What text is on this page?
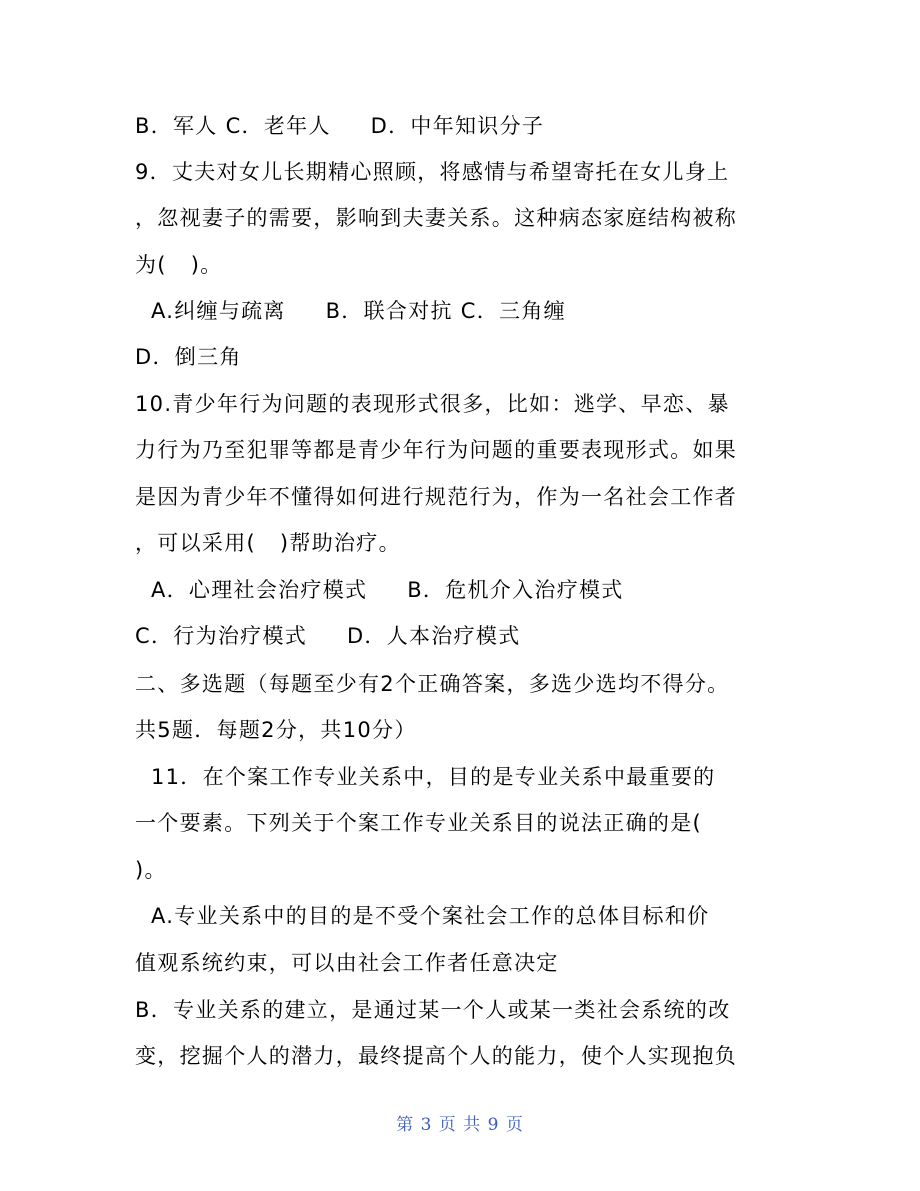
B．军人 C．老年人     D．中年知识分子
9．丈夫对女儿长期精心照顾，将感情与希望寄托在女儿身上
，忽视妻子的需要，影响到夫妻关系。这种病态家庭结构被称
为(   )。
A.纠缠与疏离     B．联合对抗 C．三角缠
D．倒三角
10.青少年行为问题的表现形式很多，比如：逃学、早恋、暴
力行为乃至犯罪等都是青少年行为问题的重要表现形式。如果
是因为青少年不懂得如何进行规范行为，作为一名社会工作者
，可以采用(   )帮助治疗。
A．心理社会治疗模式     B．危机介入治疗模式
C．行为治疗模式     D．人本治疗模式
二、多选题（每题至少有2个正确答案，多选少选均不得分。
共5题．每题2分，共10分）
11．在个案工作专业关系中，目的是专业关系中最重要的
一个要素。下列关于个案工作专业关系目的说法正确的是(
)。
A.专业关系中的目的是不受个案社会工作的总体目标和价
值观系统约束，可以由社会工作者任意决定
B．专业关系的建立，是通过某一个人或某一类社会系统的改
变，挖掘个人的潜力，最终提高个人的能力，使个人实现抱负
第 3 页 共 9 页
